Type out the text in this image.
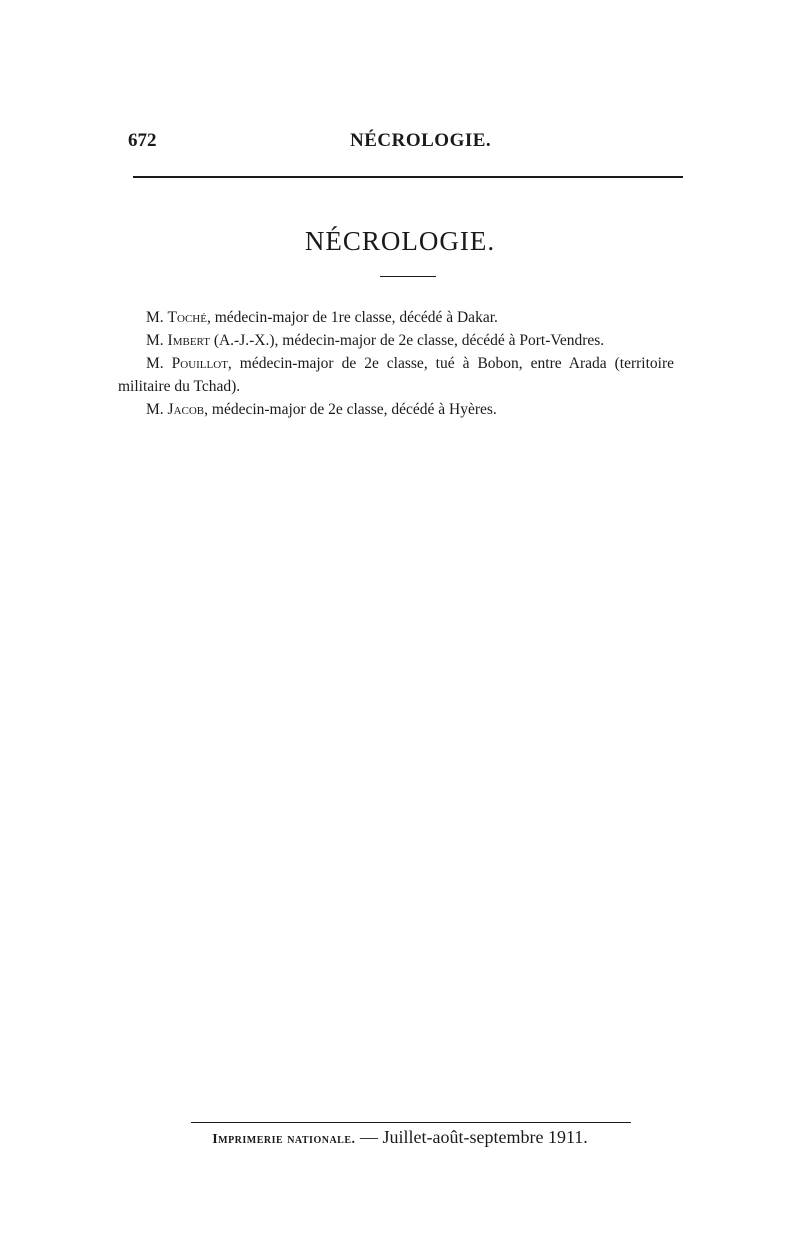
672	NÉCROLOGIE.
NÉCROLOGIE.

M. Toché, médecin-major de 1re classe, décédé à Dakar.

M. Imbert (A.-J.-X.), médecin-major de 2e classe, décédé à Port-Vendres.

M. Pouillot, médecin-major de 2e classe, tué à Bobon, entre Arada (territoire militaire du Tchad).

M. Jacob, médecin-major de 2e classe, décédé à Hyères.

Imprimerie nationale. — Juillet-août-septembre 1911.
